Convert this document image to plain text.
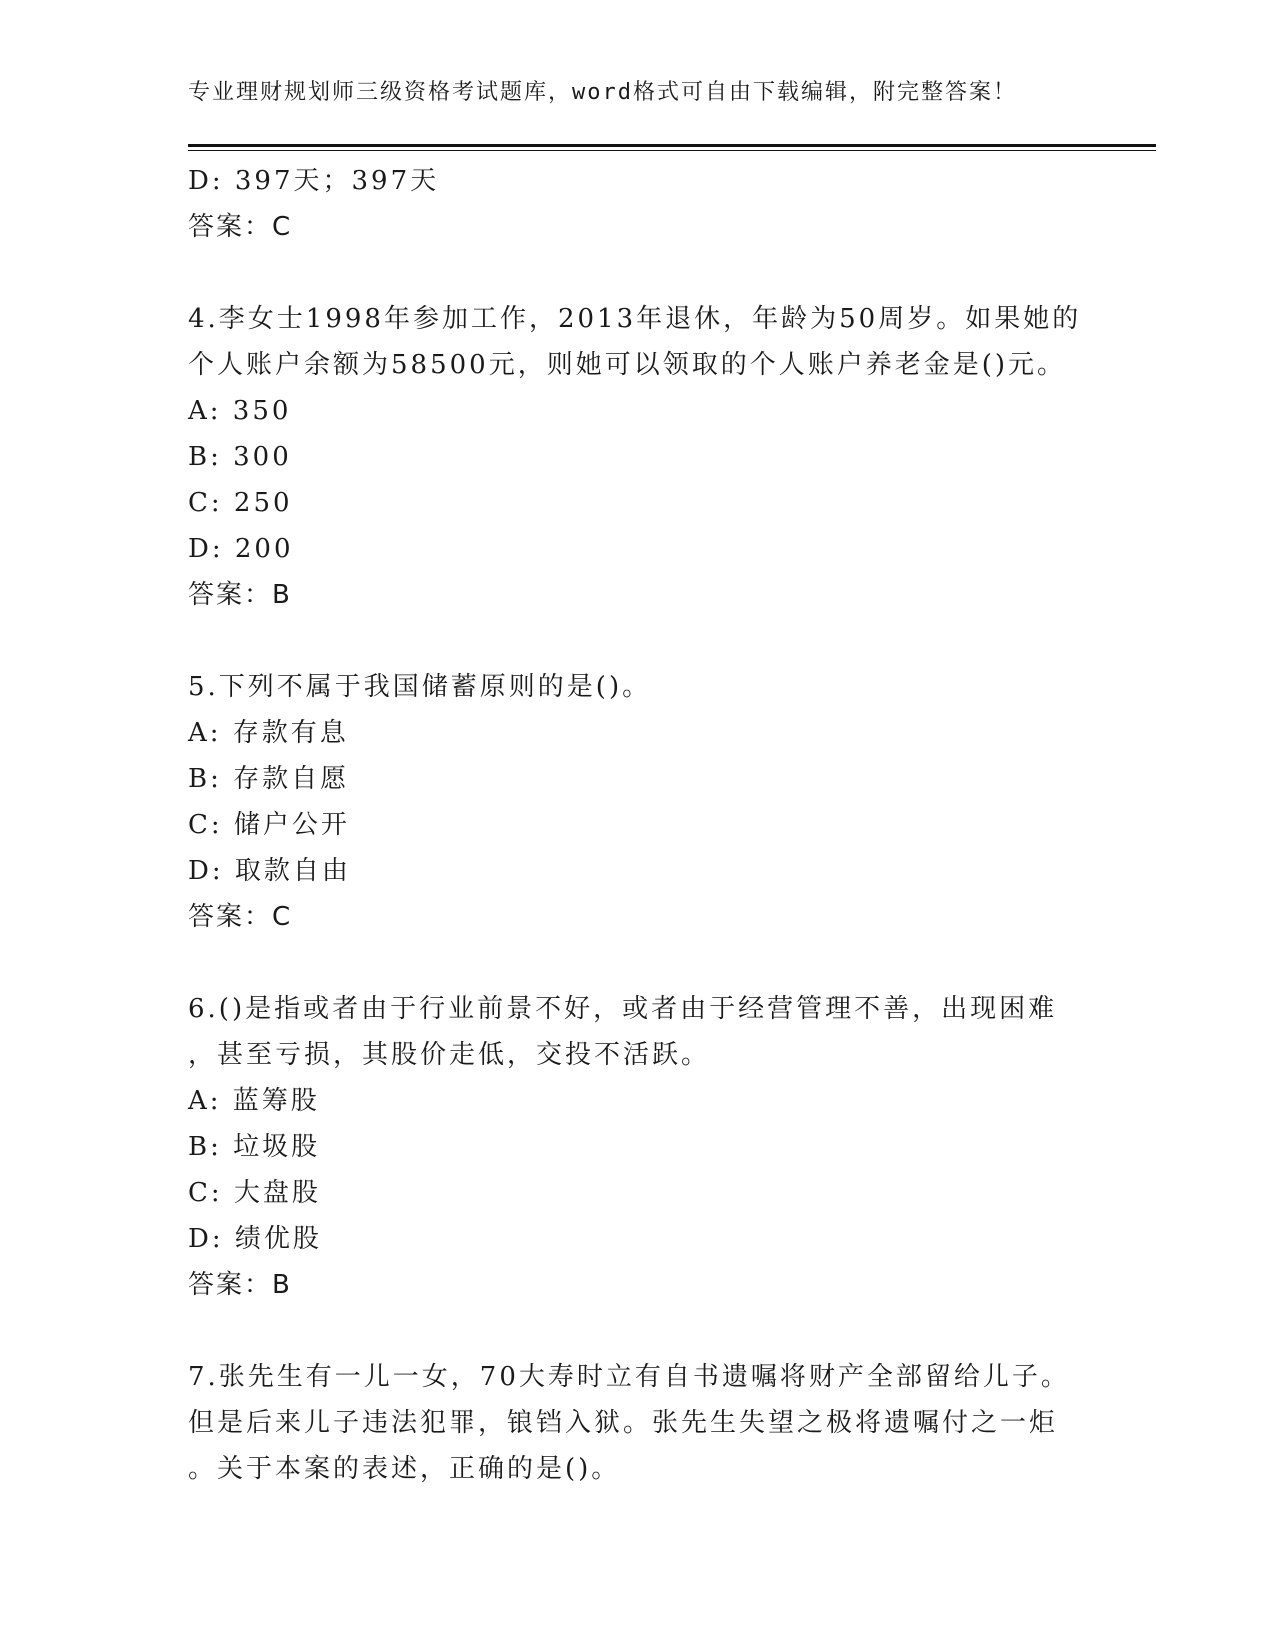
专业理财规划师三级资格考试题库，word格式可自由下载编辑，附完整答案！
D: 397天；397天
答案：C
4.李女士1998年参加工作，2013年退休，年龄为50周岁。如果她的
个人账户余额为58500元，则她可以领取的个人账户养老金是()元。
A: 350
B: 300
C: 250
D: 200
答案：B
5.下列不属于我国储蓄原则的是()。
A: 存款有息
B: 存款自愿
C: 储户公开
D: 取款自由
答案：C
6.()是指或者由于行业前景不好，或者由于经营管理不善，出现困难
，甚至亏损，其股价走低，交投不活跃。
A: 蓝筹股
B: 垃圾股
C: 大盘股
D: 绩优股
答案：B
7.张先生有一儿一女，70大寿时立有自书遗嘱将财产全部留给儿子。
但是后来儿子违法犯罪，锒铛入狱。张先生失望之极将遗嘱付之一炬
。关于本案的表述，正确的是()。
